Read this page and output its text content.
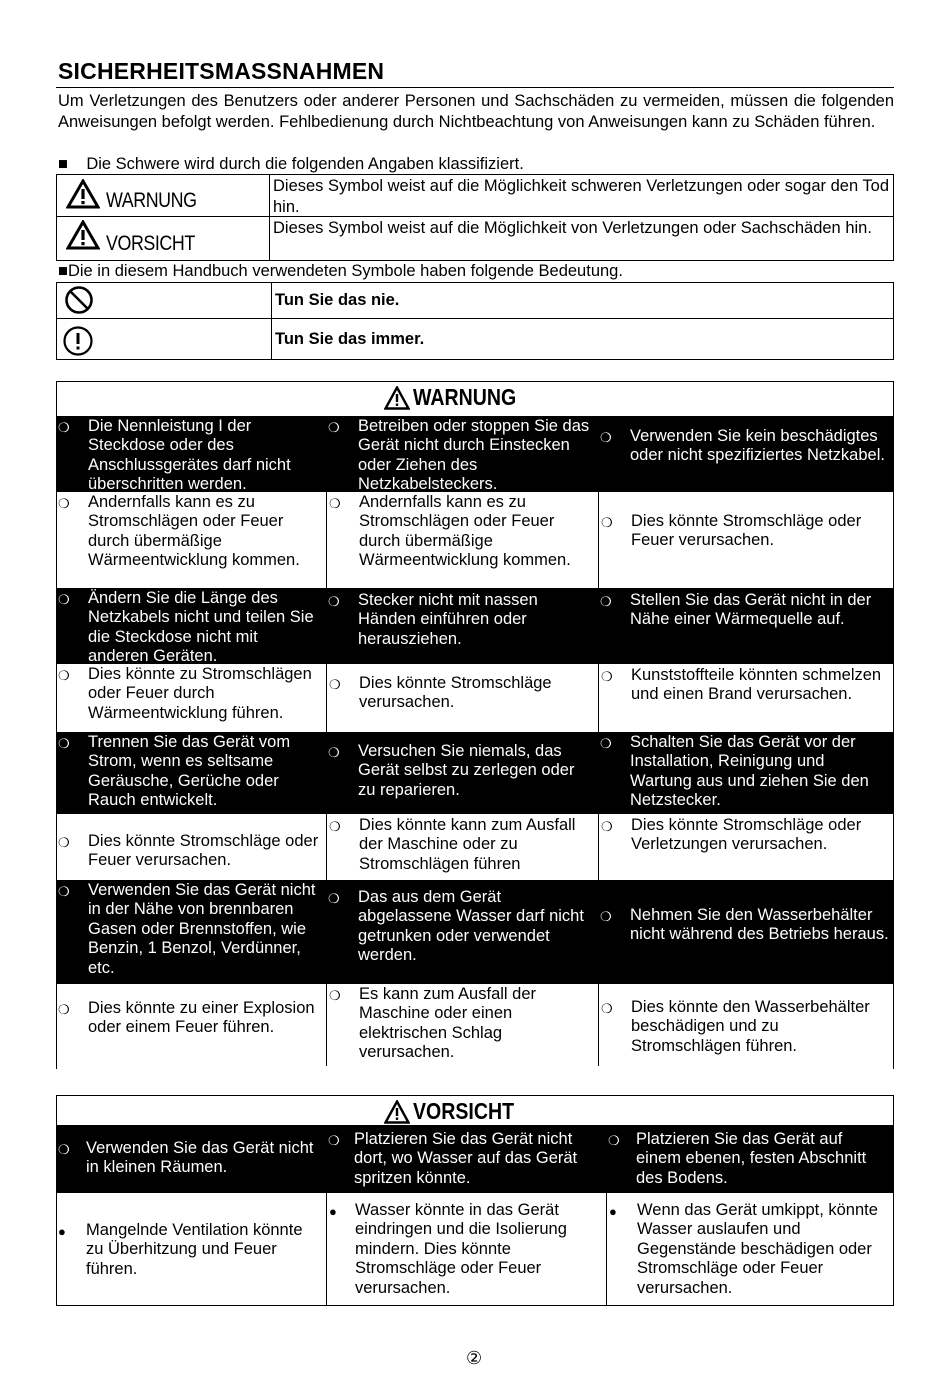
SICHERHEITSMASSNAHMEN
Um Verletzungen des Benutzers oder anderer Personen und Sachschäden zu vermeiden, müssen die folgenden Anweisungen befolgt werden. Fehlbedienung durch Nichtbeachtung von Anweisungen kann zu Schäden führen.
■ Die Schwere wird durch die folgenden Angaben klassifiziert.
WARNUNG
Dieses Symbol weist auf die Möglichkeit schweren Verletzungen oder sogar den Tod hin.
VORSICHT
Dieses Symbol weist auf die Möglichkeit von Verletzungen oder Sachschäden hin.
■Die in diesem Handbuch verwendeten Symbole haben folgende Bedeutung.
Tun Sie das nie.
Tun Sie das immer.
WARNUNG
❍ Die Nennleistung I der Steckdose oder des Anschlussgerätes darf nicht überschritten werden.
❍ Betreiben oder stoppen Sie das Gerät nicht durch Einstecken oder Ziehen des Netzkabelsteckers.
❍ Verwenden Sie kein beschädigtes oder nicht spezifiziertes Netzkabel.
❍ Andernfalls kann es zu Stromschlägen oder Feuer durch übermäßige Wärmeentwicklung kommen.
❍ Andernfalls kann es zu Stromschlägen oder Feuer durch übermäßige Wärmeentwicklung kommen.
❍ Dies könnte Stromschläge oder Feuer verursachen.
❍ Ändern Sie die Länge des Netzkabels nicht und teilen Sie die Steckdose nicht mit anderen Geräten.
❍ Stecker nicht mit nassen Händen einführen oder herausziehen.
❍ Stellen Sie das Gerät nicht in der Nähe einer Wärmequelle auf.
❍ Dies könnte zu Stromschlägen oder Feuer durch Wärmeentwicklung führen.
❍ Dies könnte Stromschläge verursachen.
❍ Kunststoffteile könnten schmelzen und einen Brand verursachen.
❍ Trennen Sie das Gerät vom Strom, wenn es seltsame Geräusche, Gerüche oder Rauch entwickelt.
❍ Versuchen Sie niemals, das Gerät selbst zu zerlegen oder zu reparieren.
❍ Schalten Sie das Gerät vor der Installation, Reinigung und Wartung aus und ziehen Sie den Netzstecker.
❍ Dies könnte Stromschläge oder Feuer verursachen.
❍ Dies könnte kann zum Ausfall der Maschine oder zu Stromschlägen führen
❍ Dies könnte Stromschläge oder Verletzungen verursachen.
❍ Verwenden Sie das Gerät nicht in der Nähe von brennbaren Gasen oder Brennstoffen, wie Benzin, 1 Benzol, Verdünner, etc.
❍ Das aus dem Gerät abgelassene Wasser darf nicht getrunken oder verwendet werden.
❍ Nehmen Sie den Wasserbehälter nicht während des Betriebs heraus.
❍ Dies könnte zu einer Explosion oder einem Feuer führen.
❍ Es kann zum Ausfall der Maschine oder einen elektrischen Schlag verursachen.
❍ Dies könnte den Wasserbehälter beschädigen und zu Stromschlägen führen.
VORSICHT
❍ Verwenden Sie das Gerät nicht in kleinen Räumen.
❍ Platzieren Sie das Gerät nicht dort, wo Wasser auf das Gerät spritzen könnte.
❍ Platzieren Sie das Gerät auf einem ebenen, festen Abschnitt des Bodens.
● Mangelnde Ventilation könnte zu Überhitzung und Feuer führen.
● Wasser könnte in das Gerät eindringen und die Isolierung mindern. Dies könnte Stromschläge oder Feuer verursachen.
● Wenn das Gerät umkippt, könnte Wasser auslaufen und Gegenstände beschädigen oder Stromschläge oder Feuer verursachen.
②
